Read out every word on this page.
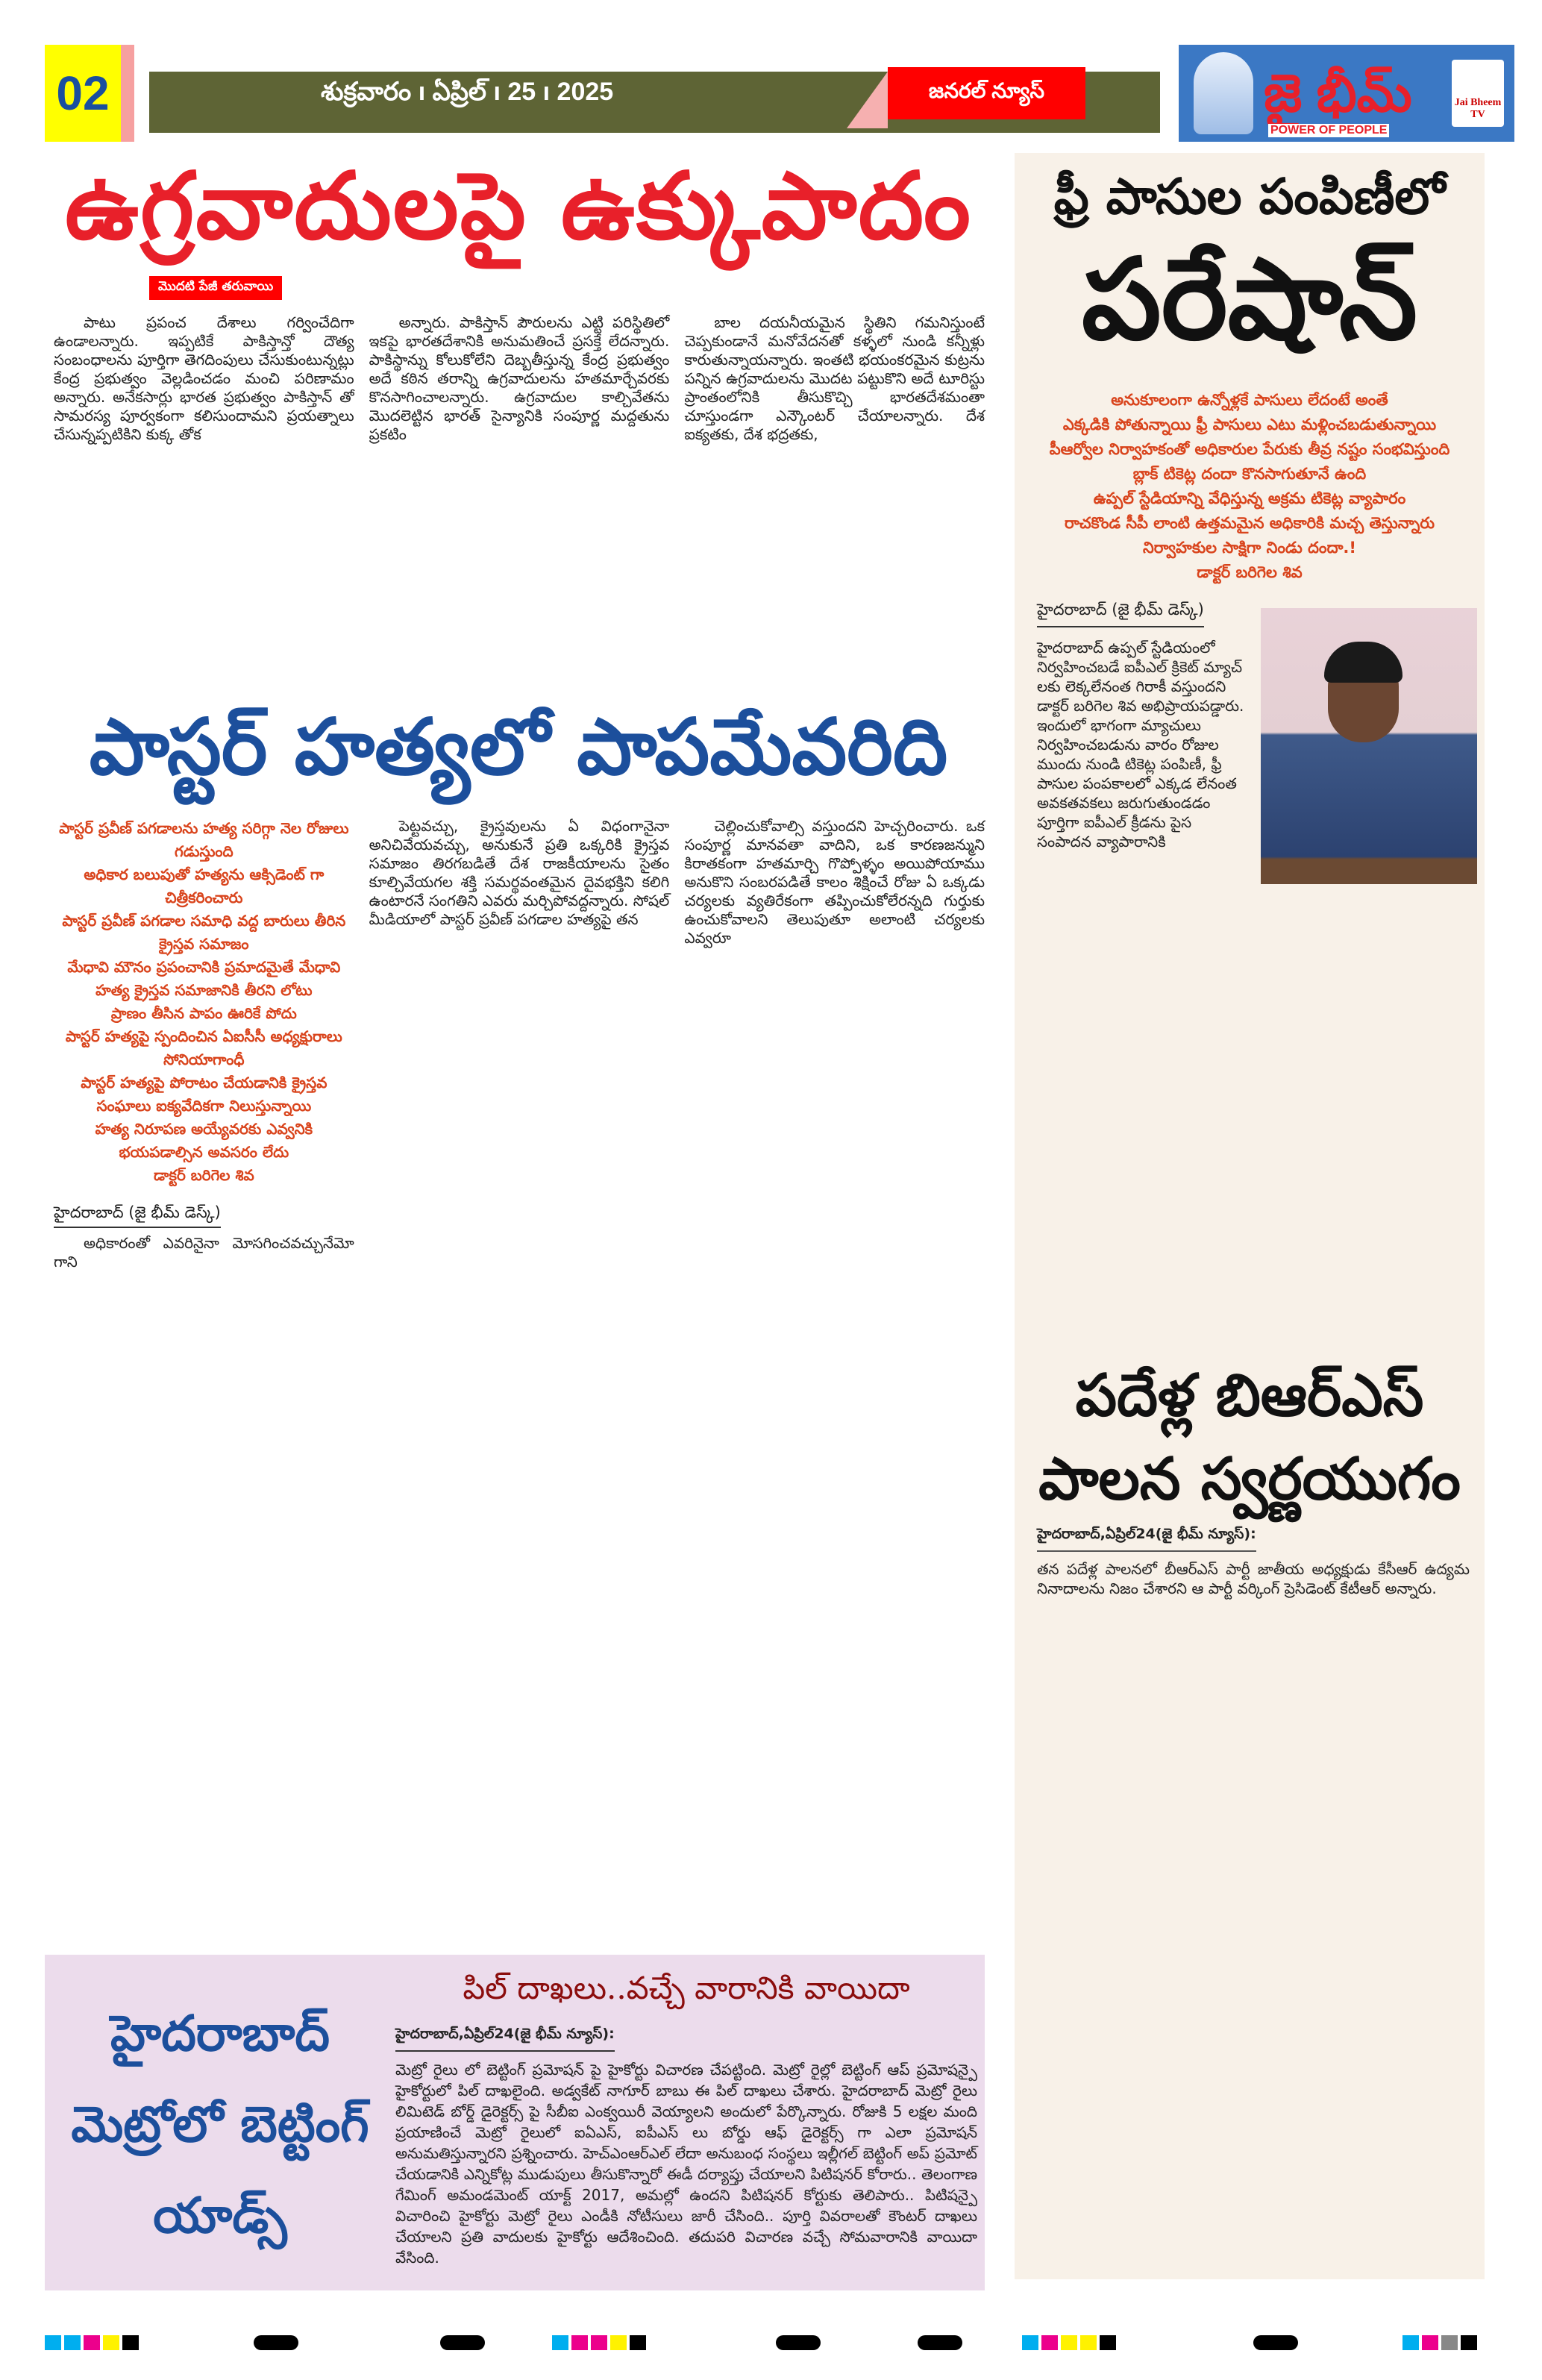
02	శుక్రవారం ı ఏప్రిల్ ı 25 ı 2025	జనరల్ న్యూస్	జై భీమ్
POWER OF PEOPLE
Jai Bheem TV
ఉగ్రవాదులపై ఉక్కుపాదం
మొదటి పేజీ తరువాయి

పాటు ప్రపంచ దేశాలు గర్వించేదిగా ఉండాలన్నారు. ఇప్పటికే పాకిస్తాన్తో దౌత్య సంబంధాలను పూర్తిగా తెగదింపులు చేసుకుంటున్నట్లు కేంద్ర ప్రభుత్వం వెల్లడించడం మంచి పరిణామం అన్నారు. అనేకసార్లు భారత ప్రభుత్వం పాకిస్తాన్ తో సామరస్య పూర్వకంగా కలిసుందామని ప్రయత్నాలు చేసున్నప్పటికిని కుక్క తోక

అన్నారు. పాకిస్తాన్ పౌరులను ఎట్టి పరిస్థితిలో ఇకపై భారతదేశానికి అనుమతించే ప్రసక్తే లేదన్నారు. పాకిస్థాన్ను కోలుకోలేని దెబ్బతీస్తున్న కేంద్ర ప్రభుత్వం అదే కఠిన తరాన్ని ఉగ్రవాదులను హతమార్చేవరకు కొనసాగించాలన్నారు. ఉగ్రవాదుల కాల్చివేతను మొదలెట్టిన భారత్ సైన్యానికి సంపూర్ణ మద్దతును ప్రకటిం

బాల దయనీయమైన స్థితిని గమనిస్తుంటే చెప్పకుండానే మనోవేదనతో కళ్ళలో నుండి కన్నీళ్లు కారుతున్నాయన్నారు. ఇంతటి భయంకరమైన కుట్రను పన్నిన ఉగ్రవాదులను మొదట పట్టుకొని అదే టూరిస్టు ప్రాంతంలోనికి తీసుకొచ్చి భారతదేశమంతా చూస్తుండగా ఎన్కౌంటర్ చేయాలన్నారు. దేశ ఐక్యతకు, దేశ భద్రతకు,

పాస్టర్ హత్యలో పాపమేవరిది
పాస్టర్ ప్రవీణ్ పగడాలను హత్య సరిగ్గా నెల రోజులు గడుస్తుంది
అధికార బలుపుతో హత్యను ఆక్సిడెంట్ గా చిత్రీకరించారు
పాస్టర్ ప్రవీణ్ పగడాల సమాధి వద్ద బారులు తీరిన క్రైస్తవ సమాజం
మేధావి మౌనం ప్రపంచానికి ప్రమాదమైతే మేధావి హత్య క్రైస్తవ సమాజానికి తీరని లోటు
ప్రాణం తీసిన పాపం ఊరికే పోదు
పాస్టర్ హత్యపై స్పందించిన ఏఐసీసీ అధ్యక్షురాలు సోనియాగాంధీ
పాస్టర్ హత్యపై పోరాటం చేయడానికి క్రైస్తవ సంఘాలు ఐక్యవేదికగా నిలుస్తున్నాయి
హత్య నిరూపణ అయ్యేవరకు ఎవ్వనికి భయపడాల్సిన అవసరం లేదు
డాక్టర్ బరిగెల శివ
హైదరాబాద్ (జై భీమ్ డెస్క్)

అధికారంతో ఎవరినైనా మోసగించవచ్చునేమో గాని

పెట్టవచ్చు, క్రైస్తవులను ఏ విధంగానైనా అనిచివేయవచ్చు, అనుకునే ప్రతి ఒక్కరికి క్రైస్తవ సమాజం తిరగబడితే దేశ రాజకీయాలను సైతం కూల్చివేయగల శక్తి సమర్థవంతమైన దైవభక్తిని కలిగి ఉంటారనే సంగతిని ఎవరు మర్చిపోవద్దన్నారు. సోషల్ మీడియాలో పాస్టర్ ప్రవీణ్ పగడాల హత్యపై తన

చెల్లించుకోవాల్సి వస్తుందని హెచ్చరించారు. ఒక సంపూర్ణ మానవతా వాదిని, ఒక కారణజన్ముని కిరాతకంగా హతమార్చి గొప్పోళ్ళం అయిపోయాము అనుకొని సంబరపడితే కాలం శిక్షించే రోజు ఏ ఒక్కడు చర్యలకు వ్యతిరేకంగా తప్పించుకోలేరన్నది గుర్తుకు ఉంచుకోవాలని తెలుపుతూ అలాంటి చర్యలకు ఎవ్వరూ

ఫ్రీ పాసుల పంపిణీలో
పరేషాన్
అనుకూలంగా ఉన్నోళ్లకే పాసులు లేదంటే అంతే
ఎక్కడికి పోతున్నాయి ఫ్రీ పాసులు ఎటు మళ్లించబడుతున్నాయి
పీఆర్వోల నిర్వాహకంతో అధికారుల పేరుకు తీవ్ర నష్టం సంభవిస్తుంది
బ్లాక్ టికెట్ల దందా కొనసాగుతూనే ఉంది
ఉప్పల్ స్టేడియాన్ని వేధిస్తున్న అక్రమ టికెట్ల వ్యాపారం
రాచకొండ సీపీ లాంటి ఉత్తమమైన అధికారికి మచ్చ తెస్తున్నారు
నిర్వాహకుల సాక్షిగా నిండు దందా.!
డాక్టర్ బరిగెల శివ
హైదరాబాద్ (జై భీమ్ డెస్క్)
హైదరాబాద్ ఉప్పల్ స్టేడియంలో నిర్వహించబడే ఐపీఎల్ క్రికెట్ మ్యాచ్ లకు లెక్కలేనంత గిరాకీ వస్తుందని డాక్టర్ బరిగెల శివ అభిప్రాయపడ్డారు. ఇందులో భాగంగా మ్యాచులు నిర్వహించబడును వారం రోజుల ముందు నుండి టికెట్ల పంపిణీ, ఫ్రీ పాసుల పంపకాలలో ఎక్కడ లేనంత అవకతవకలు జరుగుతుండడం పూర్తిగా ఐపీఎల్ క్రీడను పైస సంపాదన వ్యాపారానికి
పదేళ్ల బిఆర్ఎస్ పాలన స్వర్ణయుగం
హైదరాబాద్,ఏప్రిల్24(జై భీమ్ న్యూస్):
తన పదేళ్ల పాలనలో బీఆర్ఎస్ పార్టీ జాతీయ అధ్యక్షుడు కేసీఆర్ ఉద్యమ నినాదాలను నిజం చేశారని ఆ పార్టీ వర్కింగ్ ప్రెసిడెంట్ కేటీఆర్ అన్నారు.
హైదరాబాద్ మెట్రోలో బెట్టింగ్ యాడ్స్
పిల్ దాఖలు..వచ్చే వారానికి వాయిదా
హైదరాబాద్,ఏప్రిల్24(జై భీమ్ న్యూస్):
మెట్రో రైలు లో బెట్టింగ్ ప్రమోషన్ పై హైకోర్టు విచారణ చేపట్టింది. మెట్రో రైల్లో బెట్టింగ్ ఆప్ ప్రమోషన్పై హైకోర్టులో పిల్ దాఖలైంది. అడ్వకేట్ నాగూర్ బాబు ఈ పిల్ దాఖలు చేశారు. హైదరాబాద్ మెట్రో రైలు లిమిటెడ్ బోర్డ్ డైరెక్టర్స్ పై సీబీఐ ఎంక్వయిరీ వెయ్యాలని అందులో పేర్కొన్నారు. రోజుకి 5 లక్షల మంది ప్రయాణించే మెట్రో రైలులో ఐఏఎస్, ఐపీఎస్ లు బోర్డు ఆఫ్ డైరెక్టర్స్ గా ఎలా ప్రమోషన్ అనుమతిస్తున్నారని ప్రశ్నించారు. హెచ్ఎంఆర్ఎల్ లేదా అనుబంధ సంస్థలు ఇల్లీగల్ బెట్టింగ్ అప్ ప్రమోట్ చేయడానికి ఎన్నికోట్ల ముడుపులు తీసుకొన్నారో ఈడీ దర్యాప్తు చేయాలని పిటిషనర్ కోరారు.. తెలంగాణ గేమింగ్ అమండమెంట్ యాక్ట్ 2017, అమల్లో ఉందని పిటిషనర్ కోర్టుకు తెలిపారు.. పిటిషన్పై విచారించి హైకోర్టు మెట్రో రైలు ఎండీకి నోటీసులు జారీ చేసింది.. పూర్తి వివరాలతో కౌంటర్ దాఖలు చేయాలని ప్రతి వాదులకు హైకోర్టు ఆదేశించింది. తదుపరి విచారణ వచ్చే సోమవారానికి వాయిదా వేసింది.
